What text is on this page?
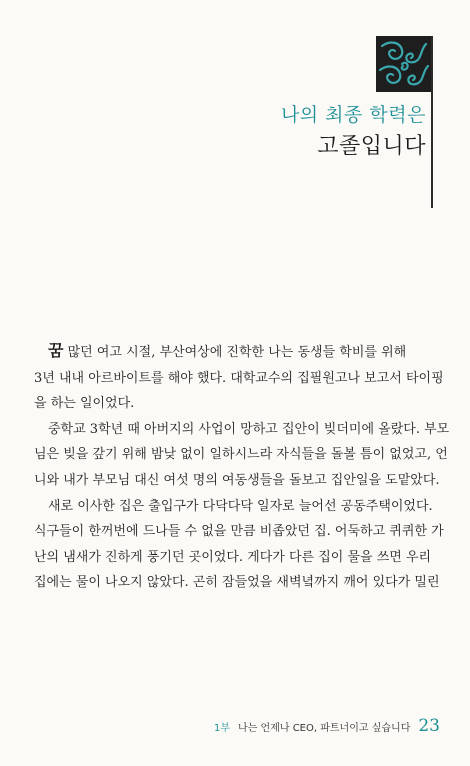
나의 최종 학력은
고졸입니다
꿈 많던 여고 시절, 부산여상에 진학한 나는 동생들 학비를 위해
3년 내내 아르바이트를 해야 했다. 대학교수의 집필원고나 보고서 타이핑
을 하는 일이었다.
중학교 3학년 때 아버지의 사업이 망하고 집안이 빚더미에 올랐다. 부모
님은 빚을 갚기 위해 밤낮 없이 일하시느라 자식들을 돌볼 틈이 없었고, 언
니와 내가 부모님 대신 여섯 명의 여동생들을 돌보고 집안일을 도맡았다.
새로 이사한 집은 출입구가 다닥다닥 일자로 늘어선 공동주택이었다.
식구들이 한꺼번에 드나들 수 없을 만큼 비좁았던 집. 어둑하고 퀴퀴한 가
난의 냄새가 진하게 풍기던 곳이었다. 게다가 다른 집이 물을 쓰면 우리
집에는 물이 나오지 않았다. 곤히 잠들었을 새벽녘까지 깨어 있다가 밀린
1부 나는 언제나 CEO, 파트너이고 싶습니다 23
